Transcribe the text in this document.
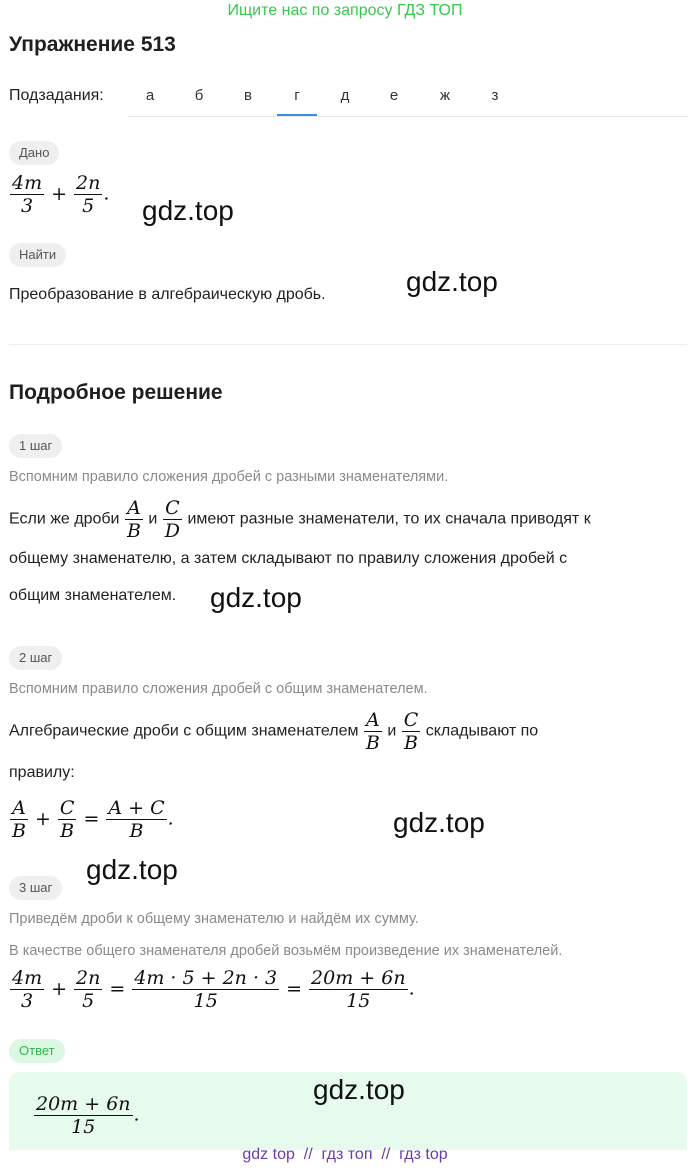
Ищите нас по запросу ГДЗ ТОП
Упражнение 513
Подзадания:	а	б	в	г	д	е	ж	з
Дано
$\frac{4m}{3} + \frac{2n}{5}$ .
gdz.top
Найти
Преобразование в алгебраическую дробь.	gdz.top
Подробное решение
1 шаг
Вспомним правило сложения дробей с разными знаменателями.
Если же дроби $\frac{A}{B}$ и $\frac{C}{D}$ имеют разные знаменатели, то их сначала приводят к
общему знаменателю, а затем складывают по правилу сложения дробей с
общим знаменателем. gdz.top
2 шаг
Вспомним правило сложения дробей с общим знаменателем.
Алгебраические дроби с общим знаменателем $\frac{A}{B}$ и $\frac{C}{B}$ складывают по
правилу:
$\frac{A}{B} + \frac{C}{B} = \frac{A + C}{B}$ .	gdz.top
gdz.top
3 шаг
Приведём дроби к общему знаменателю и найдём их сумму.
В качестве общего знаменателя дробей возьмём произведение их знаменателей.
$\frac{4m}{3} + \frac{2n}{5} = \frac{4m \cdot 5 + 2n \cdot 3}{15} = \frac{20m + 6n}{15}$ .
Ответ
$\frac{20m + 6n}{15}$ .
gdz.top
gdz top  //  гдз топ  //  гдз top
